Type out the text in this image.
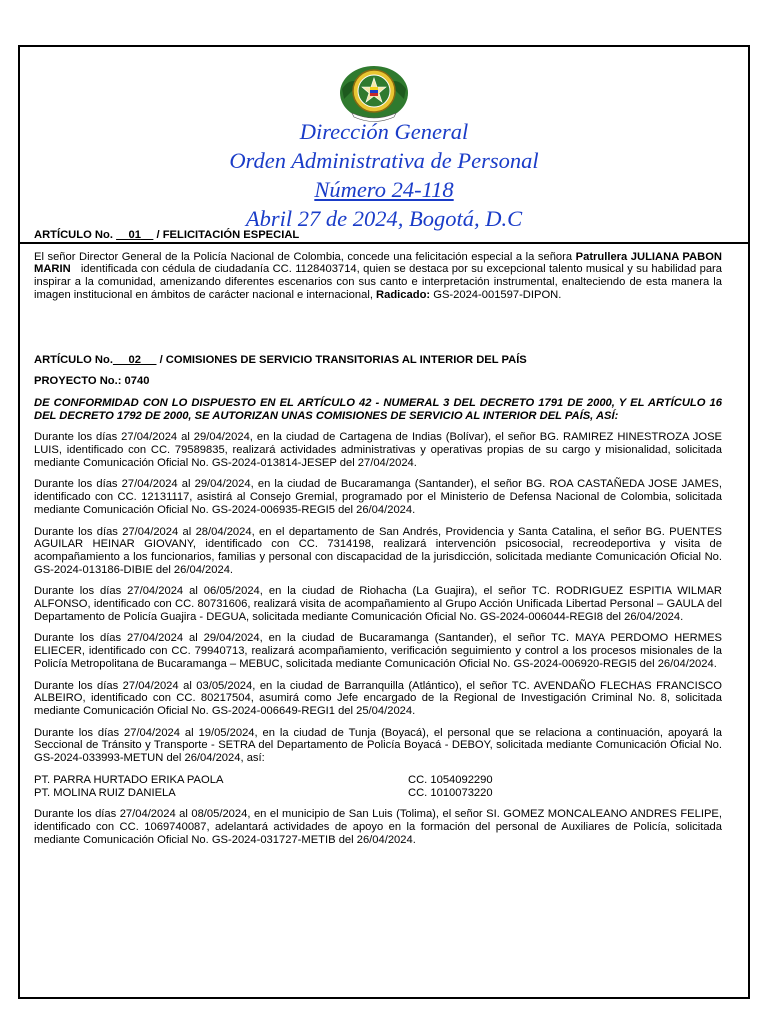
Dirección General
Orden Administrativa de Personal
Número 24-118
Abril 27 de 2024, Bogotá, D.C

ARTÍCULO No. 01 / FELICITACIÓN ESPECIAL

El señor Director General de la Policía Nacional de Colombia, concede una felicitación especial a la señora Patrullera JULIANA PABON MARIN identificada con cédula de ciudadanía CC. 1128403714, quien se destaca por su excepcional talento musical y su habilidad para inspirar a la comunidad, amenizando diferentes escenarios con sus canto e interpretación instrumental, enalteciendo de esta manera la imagen institucional en ámbitos de carácter nacional e internacional, Radicado: GS-2024-001597-DIPON.

ARTÍCULO No. 02 / COMISIONES DE SERVICIO TRANSITORIAS AL INTERIOR DEL PAÍS

PROYECTO No.: 0740

DE CONFORMIDAD CON LO DISPUESTO EN EL ARTÍCULO 42 - NUMERAL 3 DEL DECRETO 1791 DE 2000, Y EL ARTÍCULO 16 DEL DECRETO 1792 DE 2000, SE AUTORIZAN UNAS COMISIONES DE SERVICIO AL INTERIOR DEL PAÍS, ASÍ:

Durante los días 27/04/2024 al 29/04/2024, en la ciudad de Cartagena de Indias (Bolívar), el señor BG. RAMIREZ HINESTROZA JOSE LUIS, identificado con CC. 79589835, realizará actividades administrativas y operativas propias de su cargo y misionalidad, solicitada mediante Comunicación Oficial No. GS-2024-013814-JESEP del 27/04/2024.

Durante los días 27/04/2024 al 29/04/2024, en la ciudad de Bucaramanga (Santander), el señor BG. ROA CASTAÑEDA JOSE JAMES, identificado con CC. 12131117, asistirá al Consejo Gremial, programado por el Ministerio de Defensa Nacional de Colombia, solicitada mediante Comunicación Oficial No. GS-2024-006935-REGI5 del 26/04/2024.

Durante los días 27/04/2024 al 28/04/2024, en el departamento de San Andrés, Providencia y Santa Catalina, el señor BG. PUENTES AGUILAR HEINAR GIOVANY, identificado con CC. 7314198, realizará intervención psicosocial, recreodeportiva y visita de acompañamiento a los funcionarios, familias y personal con discapacidad de la jurisdicción, solicitada mediante Comunicación Oficial No. GS-2024-013186-DIBIE del 26/04/2024.

Durante los días 27/04/2024 al 06/05/2024, en la ciudad de Riohacha (La Guajira), el señor TC. RODRIGUEZ ESPITIA WILMAR ALFONSO, identificado con CC. 80731606, realizará visita de acompañamiento al Grupo Acción Unificada Libertad Personal – GAULA del Departamento de Policía Guajira - DEGUA, solicitada mediante Comunicación Oficial No. GS-2024-006044-REGI8 del 26/04/2024.

Durante los días 27/04/2024 al 29/04/2024, en la ciudad de Bucaramanga (Santander), el señor TC. MAYA PERDOMO HERMES ELIECER, identificado con CC. 79940713, realizará acompañamiento, verificación seguimiento y control a los procesos misionales de la Policía Metropolitana de Bucaramanga – MEBUC, solicitada mediante Comunicación Oficial No. GS-2024-006920-REGI5 del 26/04/2024.

Durante los días 27/04/2024 al 03/05/2024, en la ciudad de Barranquilla (Atlántico), el señor TC. AVENDAÑO FLECHAS FRANCISCO ALBEIRO, identificado con CC. 80217504, asumirá como Jefe encargado de la Regional de Investigación Criminal No. 8, solicitada mediante Comunicación Oficial No. GS-2024-006649-REGI1 del 25/04/2024.

Durante los días 27/04/2024 al 19/05/2024, en la ciudad de Tunja (Boyacá), el personal que se relaciona a continuación, apoyará la Seccional de Tránsito y Transporte - SETRA del Departamento de Policía Boyacá - DEBOY, solicitada mediante Comunicación Oficial No. GS-2024-033993-METUN del 26/04/2024, así:

PT. PARRA HURTADO ERIKA PAOLA	CC. 1054092290
PT. MOLINA RUIZ DANIELA	CC. 1010073220

Durante los días 27/04/2024 al 08/05/2024, en el municipio de San Luis (Tolima), el señor SI. GOMEZ MONCALEANO ANDRES FELIPE, identificado con CC. 1069740087, adelantará actividades de apoyo en la formación del personal de Auxiliares de Policía, solicitada mediante Comunicación Oficial No. GS-2024-031727-METIB del 26/04/2024.
